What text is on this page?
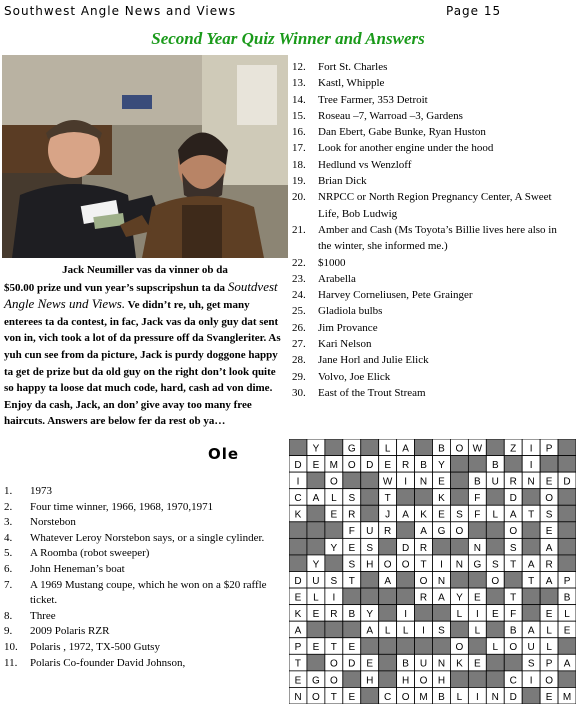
Southwest Angle News and Views	Page 15
Second Year Quiz Winner and Answers
Jack Neumiller vas da vinner ob da
$50.00 prize und vun year’s supscripshun ta da Soutdvest Angle News und Views. Ve didn’t re, uh, get many enterees ta da contest, in fac, Jack vas da only guy dat sent von in, vich took a lot of da pressure off da Svangleriter. As yuh cun see from da picture, Jack is purdy doggone happy ta get de prize but da old guy on the right don’t look quite so happy ta loose dat much code, hard, cash ad von dime. Enjoy da cash, Jack, an don’ give avay too many free haircuts. Answers are below fer da rest ob ya…
Ole
1. 1973
2. Four time winner, 1966, 1968, 1970,1971
3. Norstebon
4. Whatever Leroy Norstebon says, or a single cylinder.
5. A Roomba (robot sweeper)
6. John Heneman’s boat
7. A 1969 Mustang coupe, which he won on a $20 raffle ticket.
8. Three
9. 2009 Polaris RZR
10. Polaris , 1972, TX-500 Gutsy
11. Polaris Co-founder David Johnson,
12. Fort St. Charles
13. Kastl, Whipple
14. Tree Farmer, 353 Detroit
15. Roseau –7, Warroad –3, Gardens
16. Dan Ebert, Gabe Bunke, Ryan Huston
17. Look for another engine under the hood
18. Hedlund vs Wenzloff
19. Brian Dick
20. NRPCC or North Region Pregnancy Center, A Sweet Life, Bob Ludwig
21. Amber and Cash (Ms Toyota’s Billie lives here also in the winter, she informed me.)
22. $1000
23. Arabella
24. Harvey Corneliusen, Pete Grainger
25. Gladiola bulbs
26. Jim Provance
27. Kari Nelson
28. Jane Horl and Julie Elick
29. Volvo, Joe Elick
30. East of the Trout Stream
Y	G	L A	B O W	Z I P
D E M O D E R B Y	B	I
I	O	W I N E	B U R N E D
C A L S	T	K	F	D	O
K	E R	J A K E S F L A T S
F U R	A G O	O	E
Y E S	D R	N	S	A
Y	S H O O T I N G S T A R
D U S T	A	O N	O	T A P
E L I	R A Y E	T	B
K E R B Y	I	L I E F	E L
A	A L L I S	L	B A L E
P E T E	O	L O U L
T	O D E	B U N K E	S P A
E G O	H	H O H	C I O
N O T E	C O M B L I N D	E M
